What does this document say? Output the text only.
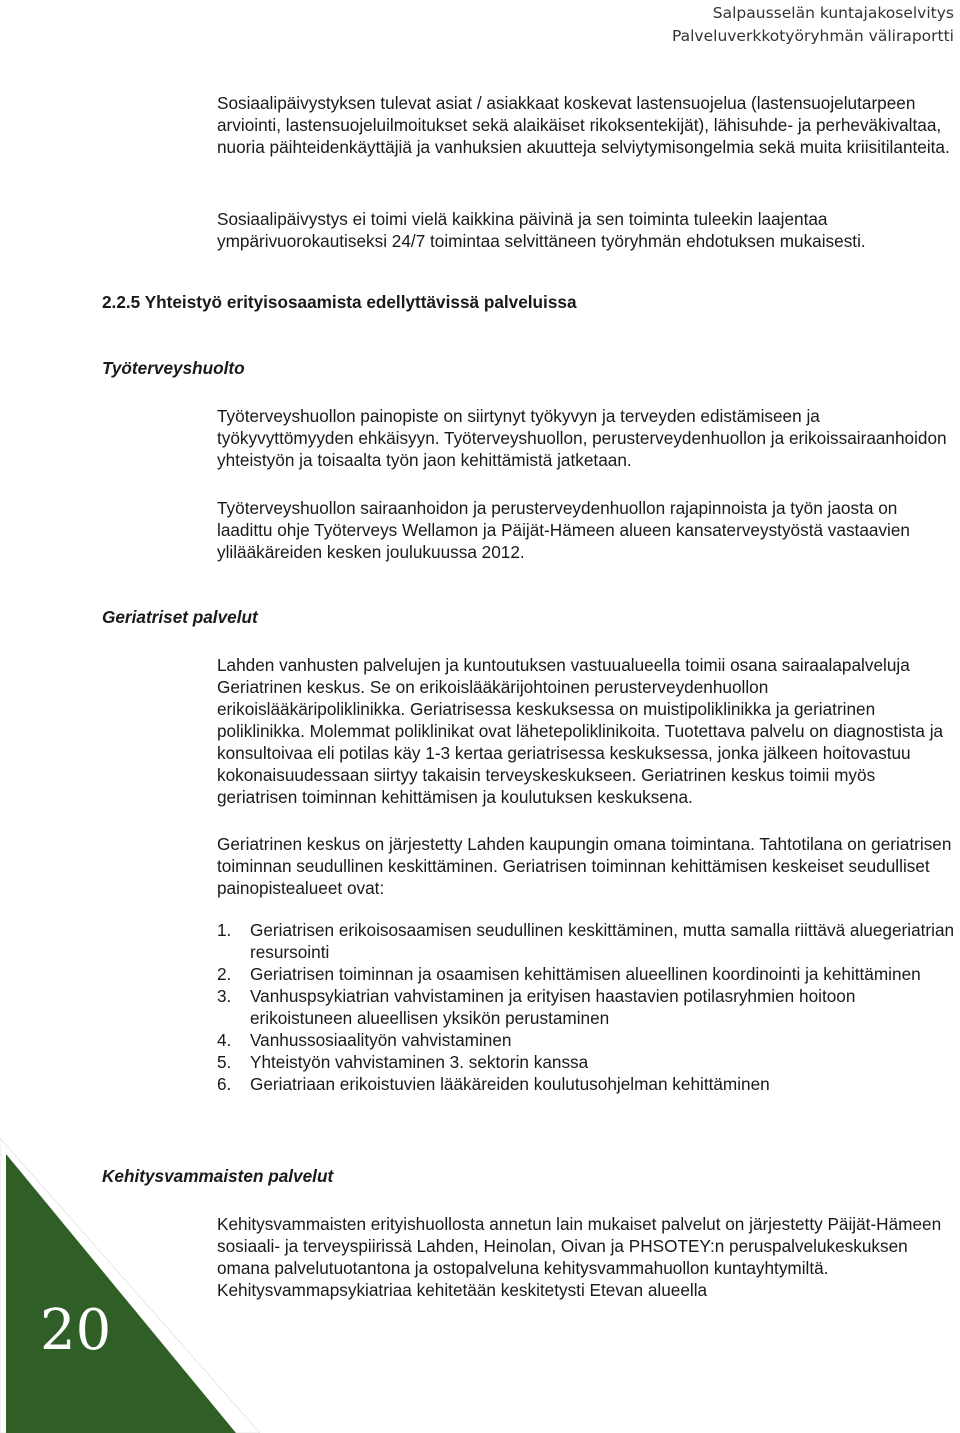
Salpausselän kuntajakoselvitys
Palveluverkkotyöryhmän väliraportti

Sosiaalipäivystyksen tulevat asiat / asiakkaat koskevat lastensuojelua (lastensuojelutarpeen arviointi, lastensuojeluilmoitukset sekä alaikäiset rikoksentekijät), lähisuhde- ja perheväkivaltaa, nuoria päihteidenkäyttäjiä ja vanhuksien akuutteja selviytymisongelmia sekä muita kriisitilanteita.

Sosiaalipäivystys ei toimi vielä kaikkina päivinä ja sen toiminta tuleekin laajentaa ympärivuorokautiseksi 24/7 toimintaa selvittäneen työryhmän ehdotuksen mukaisesti.

2.2.5 Yhteistyö erityisosaamista edellyttävissä palveluissa
Työterveyshuolto

Työterveyshuollon painopiste on siirtynyt työkyvyn ja terveyden edistämiseen ja työkyvyttömyyden ehkäisyyn. Työterveyshuollon, perusterveydenhuollon ja erikoissairaanhoidon yhteistyön ja toisaalta työn jaon kehittämistä jatketaan.

Työterveyshuollon sairaanhoidon ja perusterveydenhuollon rajapinnoista ja työn jaosta on laadittu ohje Työterveys Wellamon ja Päijät-Hämeen alueen kansaterveystyöstä vastaavien ylilääkäreiden kesken joulukuussa 2012.

Geriatriset palvelut

Lahden vanhusten palvelujen ja kuntoutuksen vastuualueella toimii osana sairaalapalveluja Geriatrinen keskus. Se on erikoislääkärijohtoinen perusterveydenhuollon erikoislääkäripoliklinikka. Geriatrisessa keskuksessa on muistipoliklinikka ja geriatrinen poliklinikka. Molemmat poliklinikat ovat lähetepoliklinikoita. Tuotettava palvelu on diagnostista ja konsultoivaa eli potilas käy 1-3 kertaa geriatrisessa keskuksessa, jonka jälkeen hoitovastuu kokonaisuudessaan siirtyy takaisin terveyskeskukseen. Geriatrinen keskus toimii myös geriatrisen toiminnan kehittämisen ja koulutuksen keskuksena.

Geriatrinen keskus on järjestetty Lahden kaupungin omana toimintana. Tahtotilana on geriatrisen toiminnan seudullinen keskittäminen. Geriatrisen toiminnan kehittämisen keskeiset seudulliset painopistealueet ovat:

1.	Geriatrisen erikoisosaamisen seudullinen keskittäminen, mutta samalla riittävä aluegeriatrian resursointi
2.	Geriatrisen toiminnan ja osaamisen kehittämisen alueellinen koordinointi ja kehittäminen
3.	Vanhuspsykiatrian vahvistaminen ja erityisen haastavien potilasryhmien hoitoon erikoistuneen alueellisen yksikön perustaminen
4.	Vanhussosiaalityön vahvistaminen
5.	Yhteistyön vahvistaminen 3. sektorin kanssa
6.	Geriatriaan erikoistuvien lääkäreiden koulutusohjelman kehittäminen
Kehitysvammaisten palvelut

Kehitysvammaisten erityishuollosta annetun lain mukaiset palvelut on järjestetty Päijät-Hämeen sosiaali- ja terveyspiirissä Lahden, Heinolan, Oivan ja PHSOTEY:n peruspalvelukeskuksen omana palvelutuotantona ja ostopalveluna kehitysvammahuollon kuntayhtymiltä. Kehitysvammapsykiatriaa kehitetään keskitetysti Etevan alueella

20
